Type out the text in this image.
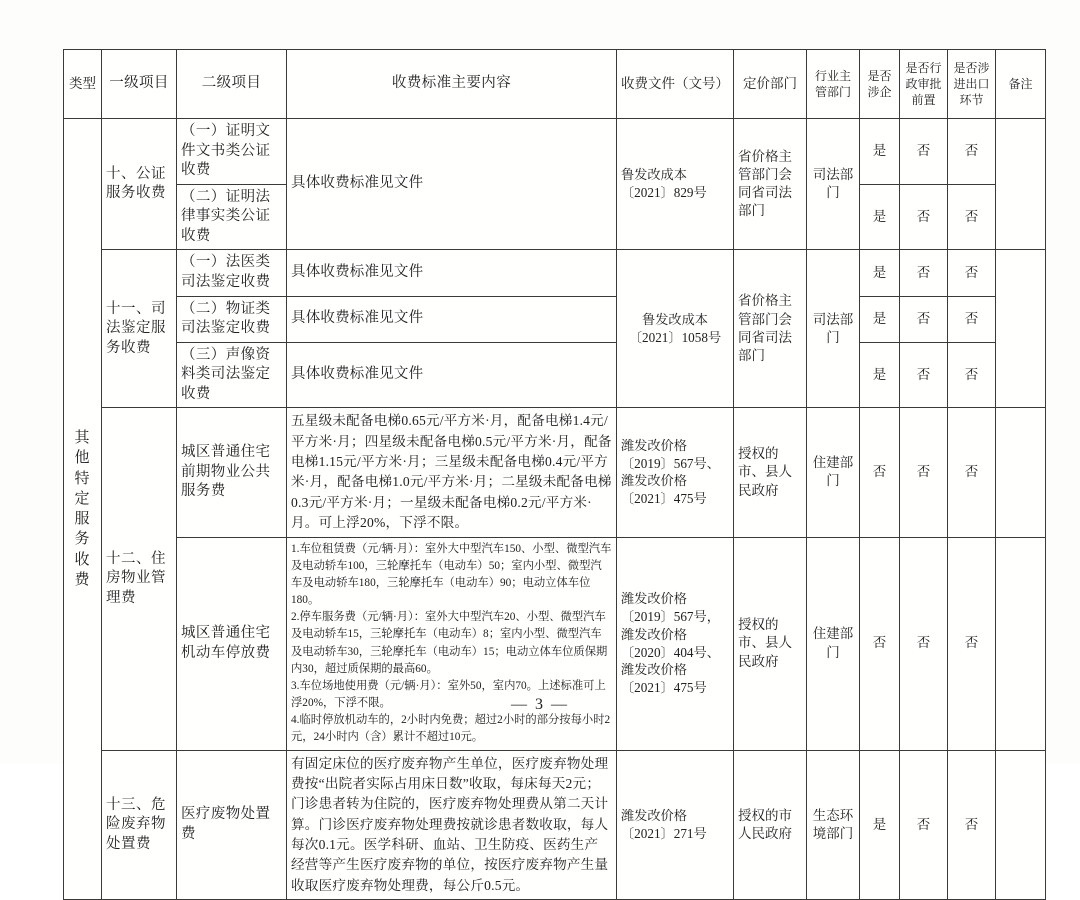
类型	一级项目	二级项目	收费标准主要内容	收费文件（文号）	定价部门	行业主管部门	是否涉企	是否行政审批前置	是否涉进出口环节	备注
其他特定服务收费	十、公证服务收费	（一）证明文件文书类公证收费	具体收费标准见文件	鲁发改成本〔2021〕829号	省价格主管部门会同省司法部门	司法部门	是	否	否	
		（二）证明法律事实类公证收费					是	否	否	
	十一、司法鉴定服务收费	（一）法医类司法鉴定收费	具体收费标准见文件	鲁发改成本〔2021〕1058号	省价格主管部门会同省司法部门	司法部门	是	否	否	
		（二）物证类司法鉴定收费	具体收费标准见文件				是	否	否	
		（三）声像资料类司法鉴定收费	具体收费标准见文件				是	否	否	
	十二、住房物业管理费	城区普通住宅前期物业公共服务费	五星级未配备电梯0.65元/平方米·月，配备电梯1.4元/平方米·月；四星级未配备电梯0.5元/平方米·月，配备电梯1.15元/平方米·月；三星级未配备电梯0.4元/平方米·月，配备电梯1.0元/平方米·月；二星级未配备电梯0.3元/平方米·月；一星级未配备电梯0.2元/平方米·月。可上浮20%，下浮不限。	潍发改价格〔2019〕567号、潍发改价格〔2021〕475号	授权的市、县人民政府	住建部门	否	否	否	
		城区普通住宅机动车停放费	1.车位租赁费（元/辆·月）：室外大中型汽车150、小型、微型汽车及电动轿车100，三轮摩托车（电动车）50；室内小型、微型汽车及电动轿车180，三轮摩托车（电动车）90；电动立体车位180。

2.停车服务费（元/辆·月）：室外大中型汽车20、小型、微型汽车及电动轿车15，三轮摩托车（电动车）8；室内小型、微型汽车及电动轿车30，三轮摩托车（电动车）15；电动立体车位质保期内30，超过质保期的最高60。

3.车位场地使用费（元/辆·月）：室外50，室内70。上述标准可上浮20%，下浮不限。

4.临时停放机动车的，2小时内免费；超过2小时的部分按每小时2元，24小时内（含）累计不超过10元。	潍发改价格〔2019〕567号，潍发改价格〔2020〕404号、潍发改价格〔2021〕475号	授权的市、县人民政府	住建部门	否	否	否	
	十三、危险废弃物处置费	医疗废物处置费	有固定床位的医疗废弃物产生单位，医疗废弃物处理费按“出院者实际占用床日数”收取，每床每天2元；门诊患者转为住院的，医疗废弃物处理费从第二天计算。门诊医疗废弃物处理费按就诊患者数收取，每人每次0.1元。医学科研、血站、卫生防疫、医药生产经营等产生医疗废弃物的单位，按医疗废弃物产生量收取医疗废弃物处理费，每公斤0.5元。	潍发改价格〔2021〕271号	授权的市人民政府	生态环境部门	是	否	否	
— 3 —
